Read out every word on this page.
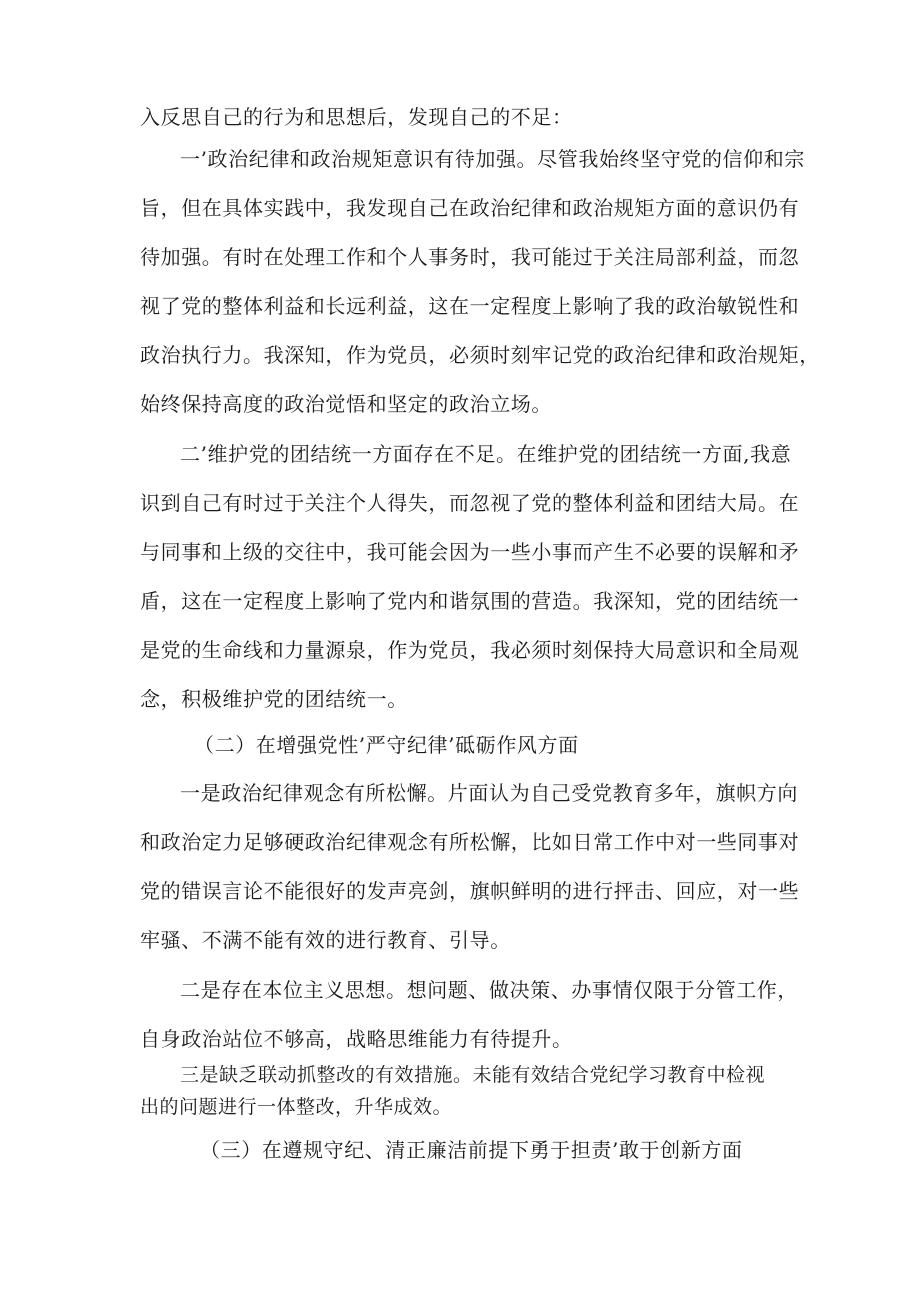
入反思自己的行为和思想后，发现自己的不足：
一’政治纪律和政治规矩意识有待加强。尽管我始终坚守党的信仰和宗
旨，但在具体实践中，我发现自己在政治纪律和政治规矩方面的意识仍有
待加强。有时在处理工作和个人事务时，我可能过于关注局部利益，而忽
视了党的整体利益和长远利益，这在一定程度上影响了我的政治敏锐性和
政治执行力。我深知，作为党员，必须时刻牢记党的政治纪律和政治规矩，
始终保持高度的政治觉悟和坚定的政治立场。
二’维护党的团结统一方面存在不足。在维护党的团结统一方面,我意
识到自己有时过于关注个人得失，而忽视了党的整体利益和团结大局。在
与同事和上级的交往中，我可能会因为一些小事而产生不必要的误解和矛
盾，这在一定程度上影响了党内和谐氛围的营造。我深知，党的团结统一
是党的生命线和力量源泉，作为党员，我必须时刻保持大局意识和全局观
念，积极维护党的团结统一。
（二）在增强党性’严守纪律’砥砺作风方面
一是政治纪律观念有所松懈。片面认为自己受党教育多年，旗帜方向
和政治定力足够硬政治纪律观念有所松懈，比如日常工作中对一些同事对
党的错误言论不能很好的发声亮剑，旗帜鲜明的进行抨击、回应，对一些
牢骚、不满不能有效的进行教育、引导。
二是存在本位主义思想。想问题、做决策、办事情仅限于分管工作，
自身政治站位不够高，战略思维能力有待提升。
三是缺乏联动抓整改的有效措施。未能有效结合党纪学习教育中检视
出的问题进行一体整改，升华成效。
（三）在遵规守纪、清正廉洁前提下勇于担责’敢于创新方面
